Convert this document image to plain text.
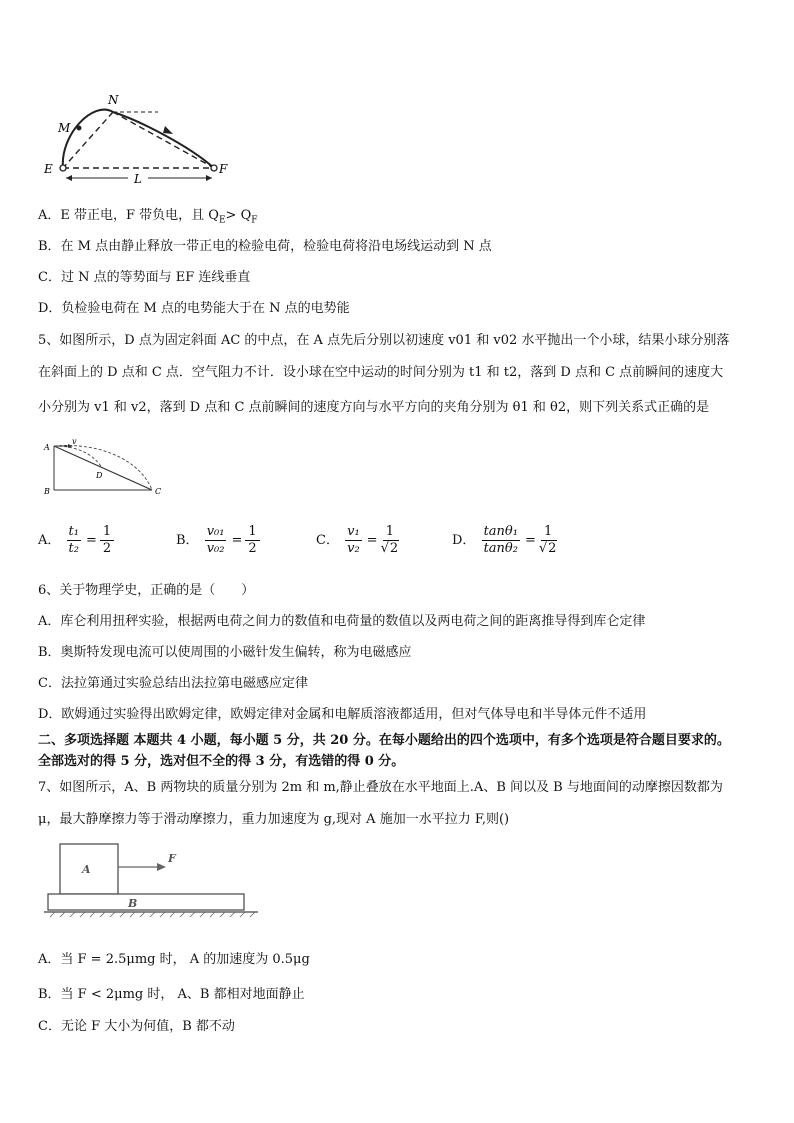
N
M
E	F
L
A．E 带正电，F 带负电，且 $Q_E> Q_F$
B．在 M 点由静止释放一带正电的检验电荷，检验电荷将沿电场线运动到 N 点
C．过 N 点的等势面与 EF 连线垂直
D．负检验电荷在 M 点的电势能大于在 N 点的电势能
5、如图所示，D 点为固定斜面 AC 的中点，在 A 点先后分别以初速度 v01 和 v02 水平抛出一个小球，结果小球分别落
在斜面上的 D 点和 C 点．空气阻力不计．设小球在空中运动的时间分别为 t1 和 t2，落到 D 点和 C 点前瞬间的速度大
小分别为 v1 和 v2，落到 D 点和 C 点前瞬间的速度方向与水平方向的夹角分别为 θ1 和 θ2，则下列关系式正确的是
A
v
D
B	C
A． $\frac{\text{t₁}}{\text{t₂}} = \frac{1}{2}$	B． $\frac{\text{v₀₁}}{\text{v₀₂}} = \frac{1}{2}$	C． $\frac{\text{v₁}}{\text{v₂}} = \frac{1}{√2}$	D． $\frac{\text{tanθ₁}}{\text{tanθ₂}} = \frac{1}{√2}$
6、关于物理学史，正确的是（　　）
A．库仑利用扭秤实验，根据两电荷之间力的数值和电荷量的数值以及两电荷之间的距离推导得到库仑定律
B．奥斯特发现电流可以使周围的小磁针发生偏转，称为电磁感应
C．法拉第通过实验总结出法拉第电磁感应定律
D．欧姆通过实验得出欧姆定律，欧姆定律对金属和电解质溶液都适用，但对气体导电和半导体元件不适用
二、多项选择题 本题共 4 小题，每小题 5 分，共 20 分。在每小题给出的四个选项中，有多个选项是符合题目要求的。
全部选对的得 5 分，选对但不全的得 3 分，有选错的得 0 分。
7、如图所示，A、B 两物块的质量分别为 2m 和 m,静止叠放在水平地面上.A、B 间以及 B 与地面间的动摩擦因数都为
μ，最大静摩擦力等于滑动摩擦力，重力加速度为 g,现对 A 施加一水平拉力 F,则()
A
B
F
A．当 F = 2.5μmg 时， A 的加速度为 0.5μg
B．当 F < 2μmg 时， A、B 都相对地面静止
C．无论 F 大小为何值，B 都不动
